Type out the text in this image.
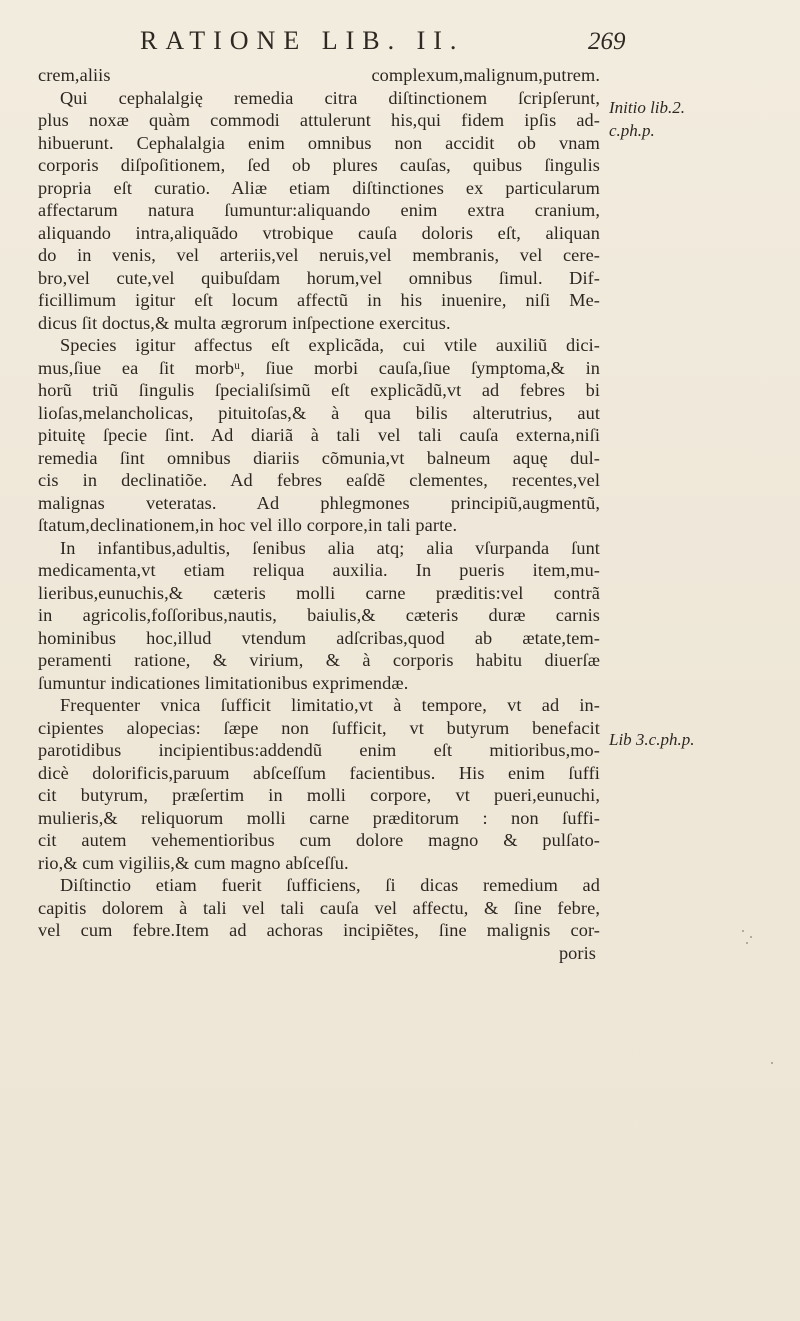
RATIONE LIB. II.	269
Initio lib.2.
c.ph.p.
Lib 3.c.ph.p.
crem,aliis complexum,malignum,putrem.
Qui cephalalgię remedia citra diſtinctionem ſcripſerunt,
plus noxæ quàm commodi attulerunt his,qui fidem ipſis ad-
hibuerunt. Cephalalgia enim omnibus non accidit ob vnam
corporis diſpoſitionem, ſed ob plures cauſas, quibus ſingulis
propria eſt curatio. Aliæ etiam diſtinctiones ex particularum
affectarum natura ſumuntur:aliquando enim extra cranium,
aliquando intra,aliquãdo vtrobique cauſa doloris eſt, aliquan
do in venis, vel arteriis,vel neruis,vel membranis, vel cere-
bro,vel cute,vel quibuſdam horum,vel omnibus ſimul. Dif-
ficillimum igitur eſt locum affectũ in his inuenire, niſi Me-
dicus ſit doctus,& multa ægrorum inſpectione exercitus.
Species igitur affectus eſt explicãda, cui vtile auxiliũ dici-
mus,ſiue ea ſit morbᵘ, ſiue morbi cauſa,ſiue ſymptoma,& in
horũ triũ ſingulis ſpecialiſsimũ eſt explicãdũ,vt ad febres bi
lioſas,melancholicas, pituitoſas,& à qua bilis alterutrius, aut
pituitę ſpecie ſint. Ad diariã à tali vel tali cauſa externa,niſi
remedia ſint omnibus diariis cõmunia,vt balneum aquę dul-
cis in declinatiõe. Ad febres eaſdẽ clementes, recentes,vel
malignas veteratas. Ad phlegmones principiũ,augmentũ,
ſtatum,declinationem,in hoc vel illo corpore,in tali parte.
In infantibus,adultis, ſenibus alia atq; alia vſurpanda ſunt
medicamenta,vt etiam reliqua auxilia. In pueris item,mu-
lieribus,eunuchis,& cæteris molli carne præditis:vel contrã
in agricolis,foſſoribus,nautis, baiulis,& cæteris duræ carnis
hominibus hoc,illud vtendum adſcribas,quod ab ætate,tem-
peramenti ratione, & virium, & à corporis habitu diuerſæ
ſumuntur indicationes limitationibus exprimendæ.
Frequenter vnica ſufficit limitatio,vt à tempore, vt ad in-
cipientes alopecias: ſæpe non ſufficit, vt butyrum benefacit
parotidibus incipientibus:addendũ enim eſt mitioribus,mo-
dicè dolorificis,paruum abſceſſum facientibus. His enim ſuffi
cit butyrum, præſertim in molli corpore, vt pueri,eunuchi,
mulieris,& reliquorum molli carne præditorum : non ſuffi-
cit autem vehementioribus cum dolore magno & pulſato-
rio,& cum vigiliis,& cum magno abſceſſu.
Diſtinctio etiam fuerit ſufficiens, ſi dicas remedium ad
capitis dolorem à tali vel tali cauſa vel affectu, & ſine febre,
vel cum febre.Item ad achoras incipiẽtes, ſine malignis cor-
poris
